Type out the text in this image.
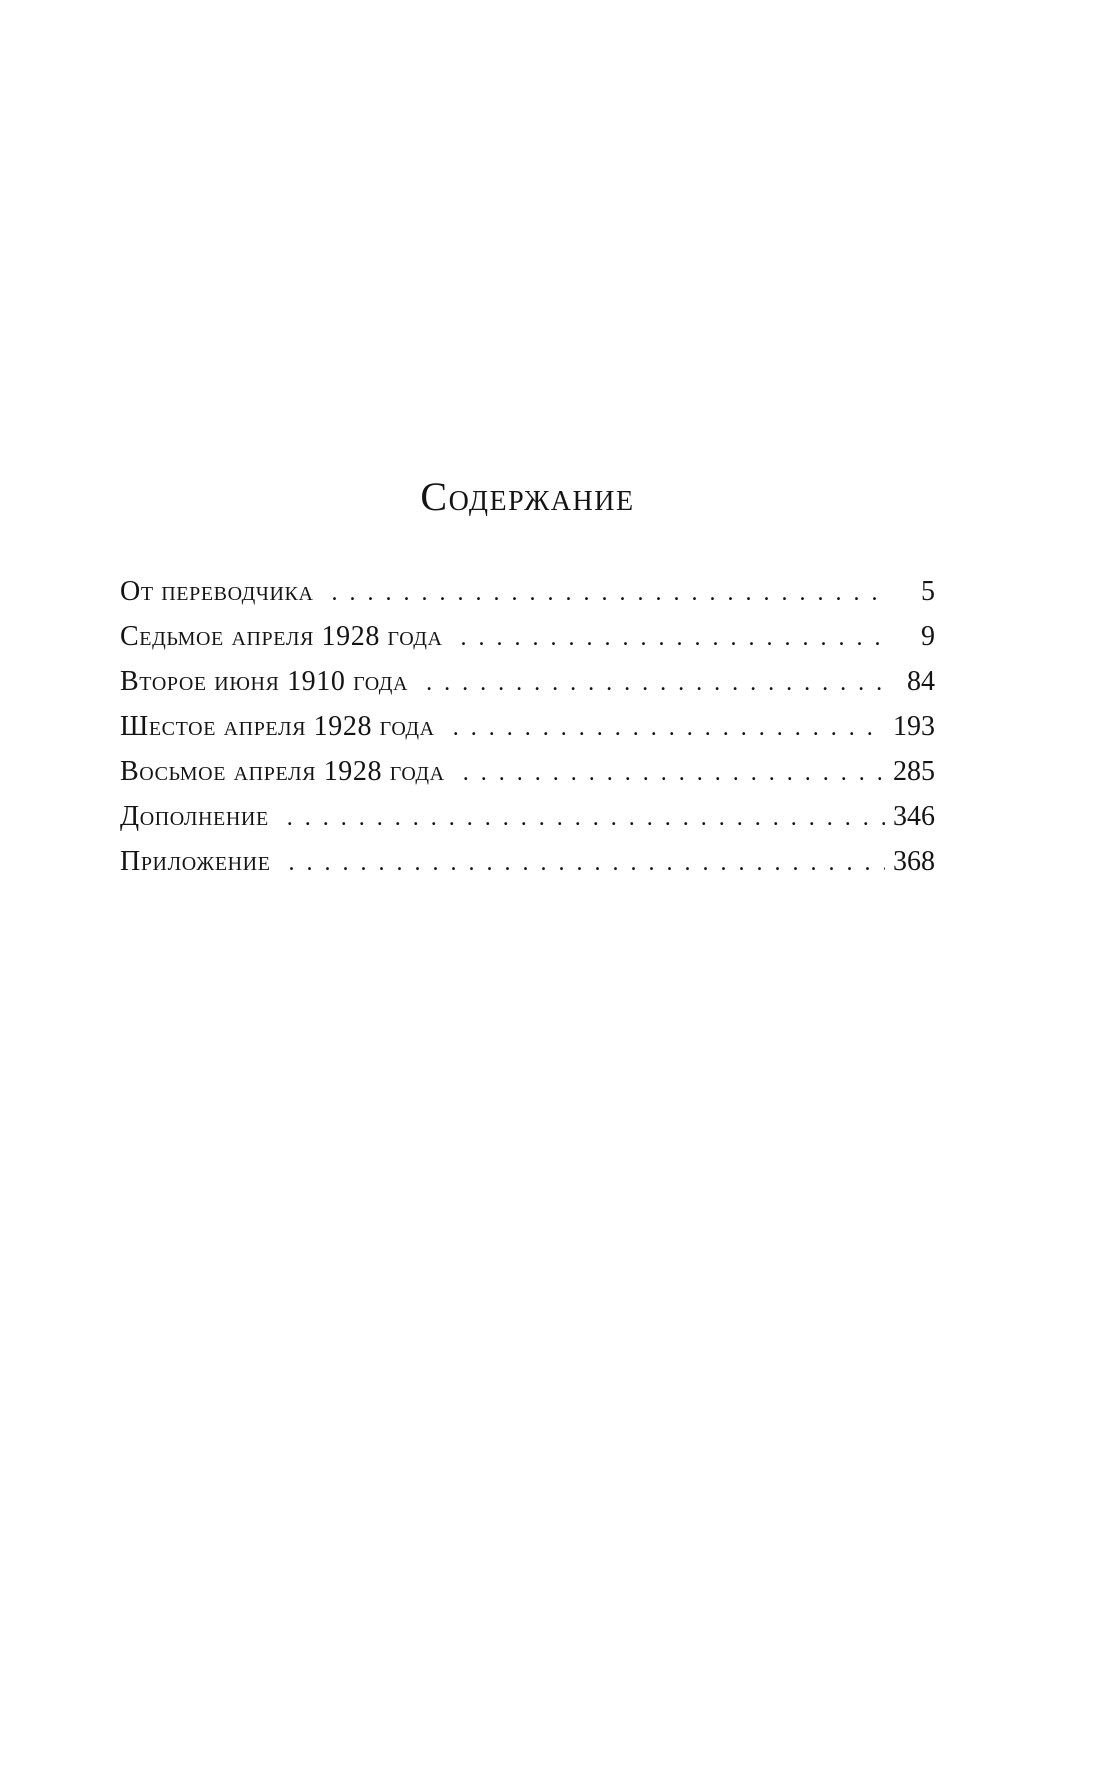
Содержание
От переводчика . . .	5
Седьмое апреля 1928 года . . .	9
Второе июня 1910 года . . .	84
Шестое апреля 1928 года . . .	193
Восьмое апреля 1928 года . . .	285
Дополнение . . .	346
Приложение . . .	368
